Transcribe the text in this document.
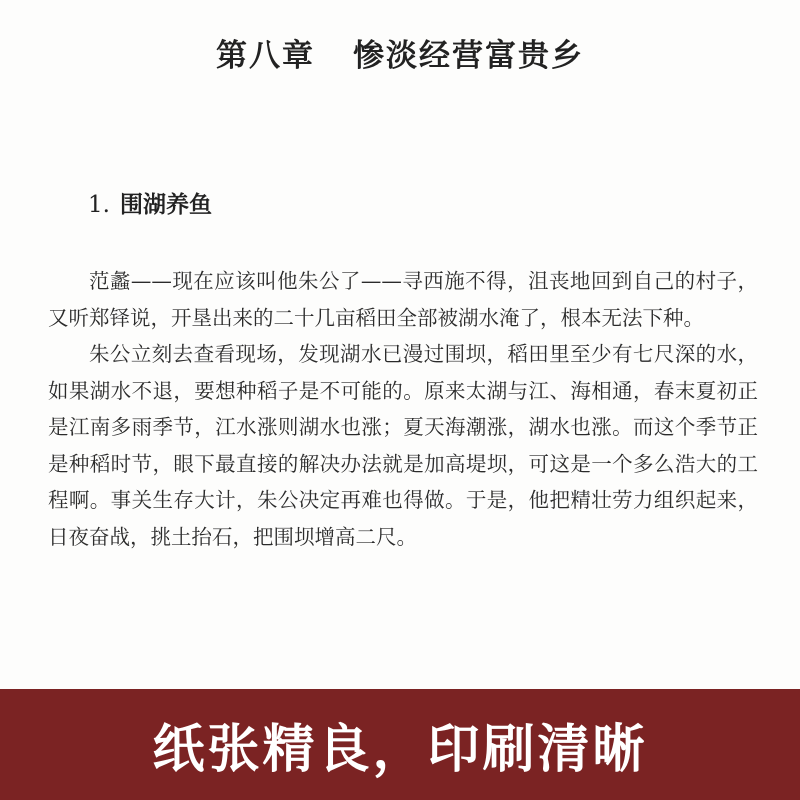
第八章 惨淡经营富贵乡
1. 围湖养鱼

范蠡——现在应该叫他朱公了——寻西施不得，沮丧地回到自己的村子，又听郑铎说，开垦出来的二十几亩稻田全部被湖水淹了，根本无法下种。

朱公立刻去查看现场，发现湖水已漫过围坝，稻田里至少有七尺深的水，如果湖水不退，要想种稻子是不可能的。原来太湖与江、海相通，春末夏初正是江南多雨季节，江水涨则湖水也涨；夏天海潮涨，湖水也涨。而这个季节正是种稻时节，眼下最直接的解决办法就是加高堤坝，可这是一个多么浩大的工程啊。事关生存大计，朱公决定再难也得做。于是，他把精壮劳力组织起来，日夜奋战，挑土抬石，把围坝增高二尺。

纸张精良，印刷清晰
